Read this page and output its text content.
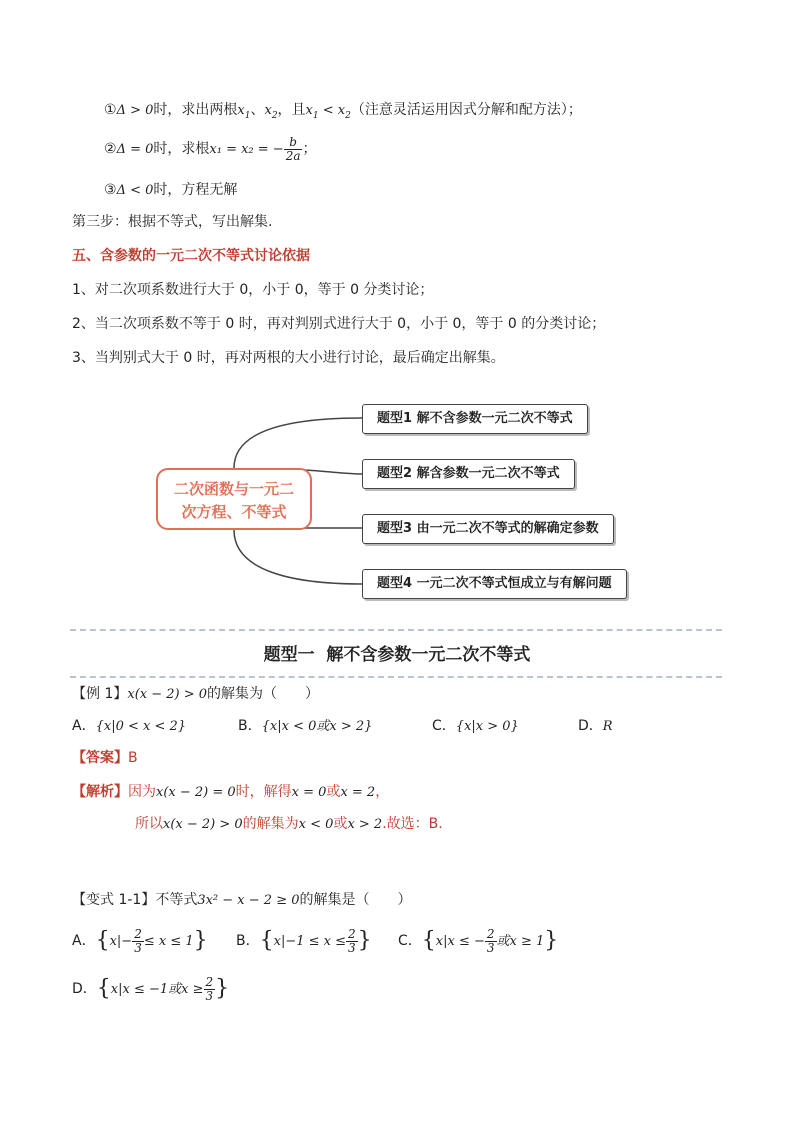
①Δ > 0时，求出两根$x_1$、$x_2$，且$x_1 < x_2$（注意灵活运用因式分解和配方法）；
②Δ = 0时，求根x₁ = x₂ = − $\frac{b}{2a}$ ；
③Δ < 0时，方程无解
第三步：根据不等式，写出解集.
五、含参数的一元二次不等式讨论依据
1、对二次项系数进行大于 0，小于 0，等于 0 分类讨论；
2、当二次项系数不等于 0 时，再对判别式进行大于 0，小于 0，等于 0 的分类讨论；
3、当判别式大于 0 时，再对两根的大小进行讨论，最后确定出解集。
二次函数与一元二
次方程、不等式
题型1 解不含参数一元二次不等式
题型2 解含参数一元二次不等式
题型3 由一元二次不等式的解确定参数
题型4 一元二次不等式恒成立与有解问题
题型一  解不含参数一元二次不等式
【例 1】x(x − 2) > 0的解集为（　　）
A．{x|0 < x < 2}	B．{x|x < 0或x > 2}	C．{x|x > 0}	D．R
【答案】B
【解析】因为x(x − 2) = 0时，解得x = 0或x = 2，
所以x(x − 2) > 0的解集为x < 0或x > 2.故选：B.
【变式 1-1】不等式3x² − x − 2 ≥ 0的解集是（　　）
A．$\{x|- \frac{2}{3} \le x \le 1\}$ B．{$x|-1 \le x \le \frac{2}{3}$ } C．{x|x ≤ − $\frac{2}{3}$ 或x ≥ 1}
D．{x|x ≤ −1或$x \ge \frac{2}{3}$ }
